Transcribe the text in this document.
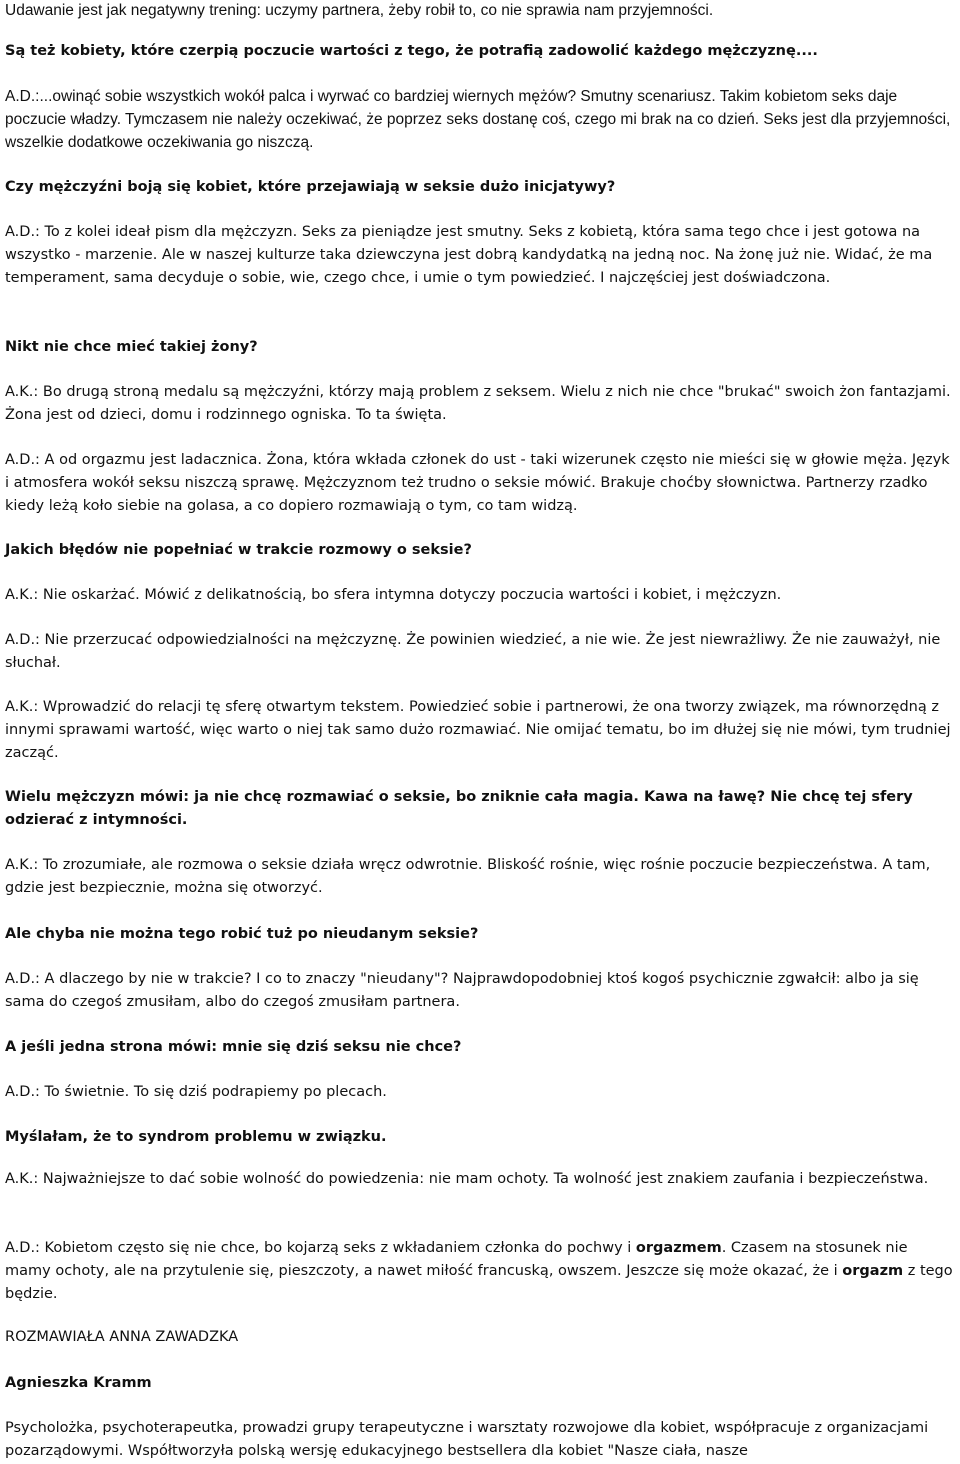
Udawanie jest jak negatywny trening: uczymy partnera, żeby robił to, co nie sprawia nam przyjemności.

Są też kobiety, które czerpią poczucie wartości z tego, że potrafią zadowolić każdego mężczyznę....

A.D.:...owinąć sobie wszystkich wokół palca i wyrwać co bardziej wiernych mężów? Smutny scenariusz. Takim kobietom seks daje poczucie władzy. Tymczasem nie należy oczekiwać, że poprzez seks dostanę coś, czego mi brak na co dzień. Seks jest dla przyjemności, wszelkie dodatkowe oczekiwania go niszczą.

Czy mężczyźni boją się kobiet, które przejawiają w seksie dużo inicjatywy?

A.D.: To z kolei ideał pism dla mężczyzn. Seks za pieniądze jest smutny. Seks z kobietą, która sama tego chce i jest gotowa na wszystko - marzenie. Ale w naszej kulturze taka dziewczyna jest dobrą kandydatką na jedną noc. Na żonę już nie. Widać, że ma temperament, sama decyduje o sobie, wie, czego chce, i umie o tym powiedzieć. I najczęściej jest doświadczona.

Nikt nie chce mieć takiej żony?

A.K.: Bo drugą stroną medalu są mężczyźni, którzy mają problem z seksem. Wielu z nich nie chce "brukać" swoich żon fantazjami. Żona jest od dzieci, domu i rodzinnego ogniska. To ta święta.

A.D.: A od orgazmu jest ladacznica. Żona, która wkłada członek do ust - taki wizerunek często nie mieści się w głowie męża. Język i atmosfera wokół seksu niszczą sprawę. Mężczyznom też trudno o seksie mówić. Brakuje choćby słownictwa. Partnerzy rzadko kiedy leżą koło siebie na golasa, a co dopiero rozmawiają o tym, co tam widzą.

Jakich błędów nie popełniać w trakcie rozmowy o seksie?

A.K.: Nie oskarżać. Mówić z delikatnością, bo sfera intymna dotyczy poczucia wartości i kobiet, i mężczyzn.

A.D.: Nie przerzucać odpowiedzialności na mężczyznę. Że powinien wiedzieć, a nie wie. Że jest niewrażliwy. Że nie zauważył, nie słuchał.

A.K.: Wprowadzić do relacji tę sferę otwartym tekstem. Powiedzieć sobie i partnerowi, że ona tworzy związek, ma równorzędną z innymi sprawami wartość, więc warto o niej tak samo dużo rozmawiać. Nie omijać tematu, bo im dłużej się nie mówi, tym trudniej zacząć.

Wielu mężczyzn mówi: ja nie chcę rozmawiać o seksie, bo zniknie cała magia. Kawa na ławę? Nie chcę tej sfery odzierać z intymności.

A.K.: To zrozumiałe, ale rozmowa o seksie działa wręcz odwrotnie. Bliskość rośnie, więc rośnie poczucie bezpieczeństwa. A tam, gdzie jest bezpiecznie, można się otworzyć.

Ale chyba nie można tego robić tuż po nieudanym seksie?

A.D.: A dlaczego by nie w trakcie? I co to znaczy "nieudany"? Najprawdopodobniej ktoś kogoś psychicznie zgwałcił: albo ja się sama do czegoś zmusiłam, albo do czegoś zmusiłam partnera.

A jeśli jedna strona mówi: mnie się dziś seksu nie chce?

A.D.: To świetnie. To się dziś podrapiemy po plecach.

Myślałam, że to syndrom problemu w związku.

A.K.: Najważniejsze to dać sobie wolność do powiedzenia: nie mam ochoty. Ta wolność jest znakiem zaufania i bezpieczeństwa.

A.D.: Kobietom często się nie chce, bo kojarzą seks z wkładaniem członka do pochwy i orgazmem. Czasem na stosunek nie mamy ochoty, ale na przytulenie się, pieszczoty, a nawet miłość francuską, owszem. Jeszcze się może okazać, że i orgazm z tego będzie.

ROZMAWIAŁA ANNA ZAWADZKA

Agnieszka Kramm

Psycholożka, psychoterapeutka, prowadzi grupy terapeutyczne i warsztaty rozwojowe dla kobiet, współpracuje z organizacjami pozarządowymi. Współtworzyła polską wersję edukacyjnego bestsellera dla kobiet "Nasze ciała, nasze
